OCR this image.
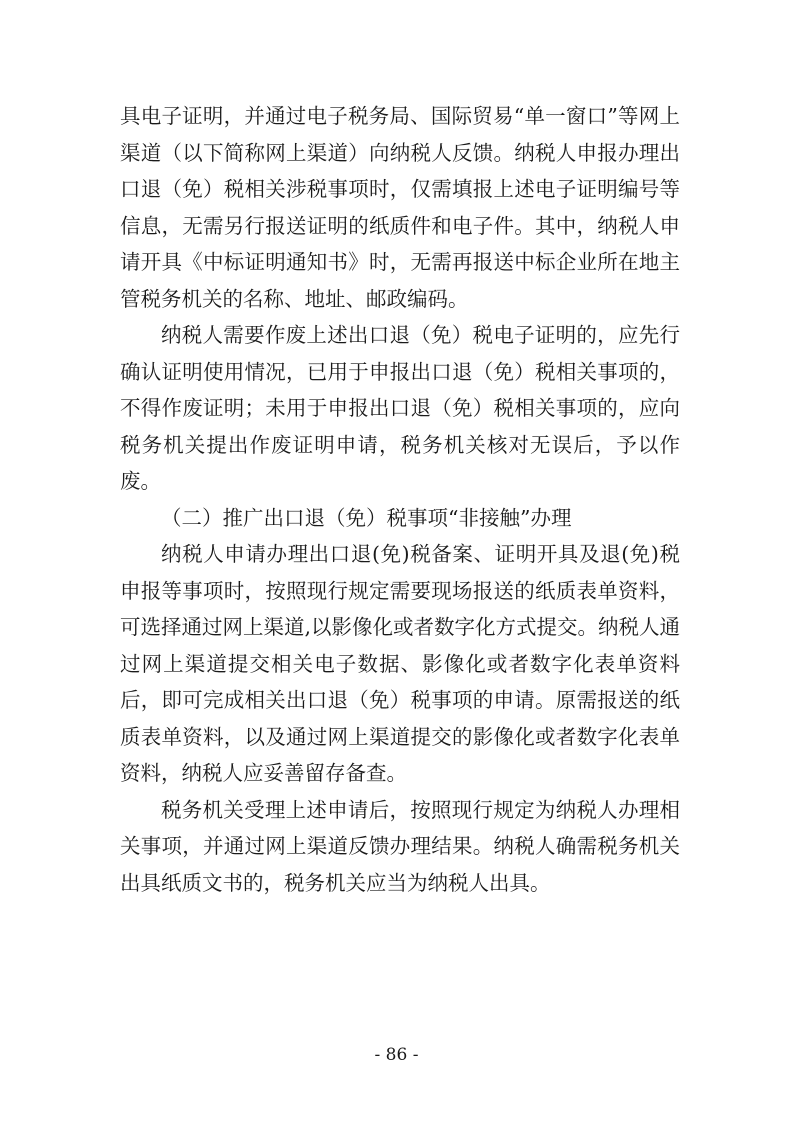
具电子证明，并通过电子税务局、国际贸易“单一窗口”等网上渠道（以下简称网上渠道）向纳税人反馈。纳税人申报办理出口退（免）税相关涉税事项时，仅需填报上述电子证明编号等信息，无需另行报送证明的纸质件和电子件。其中，纳税人申请开具《中标证明通知书》时，无需再报送中标企业所在地主管税务机关的名称、地址、邮政编码。

纳税人需要作废上述出口退（免）税电子证明的，应先行确认证明使用情况，已用于申报出口退（免）税相关事项的，不得作废证明；未用于申报出口退（免）税相关事项的，应向税务机关提出作废证明申请，税务机关核对无误后，予以作废。

（二）推广出口退（免）税事项“非接触”办理

纳税人申请办理出口退(免)税备案、证明开具及退(免)税申报等事项时，按照现行规定需要现场报送的纸质表单资料，可选择通过网上渠道,以影像化或者数字化方式提交。纳税人通过网上渠道提交相关电子数据、影像化或者数字化表单资料后，即可完成相关出口退（免）税事项的申请。原需报送的纸质表单资料，以及通过网上渠道提交的影像化或者数字化表单资料，纳税人应妥善留存备查。

税务机关受理上述申请后，按照现行规定为纳税人办理相关事项，并通过网上渠道反馈办理结果。纳税人确需税务机关出具纸质文书的，税务机关应当为纳税人出具。

- 86 -
